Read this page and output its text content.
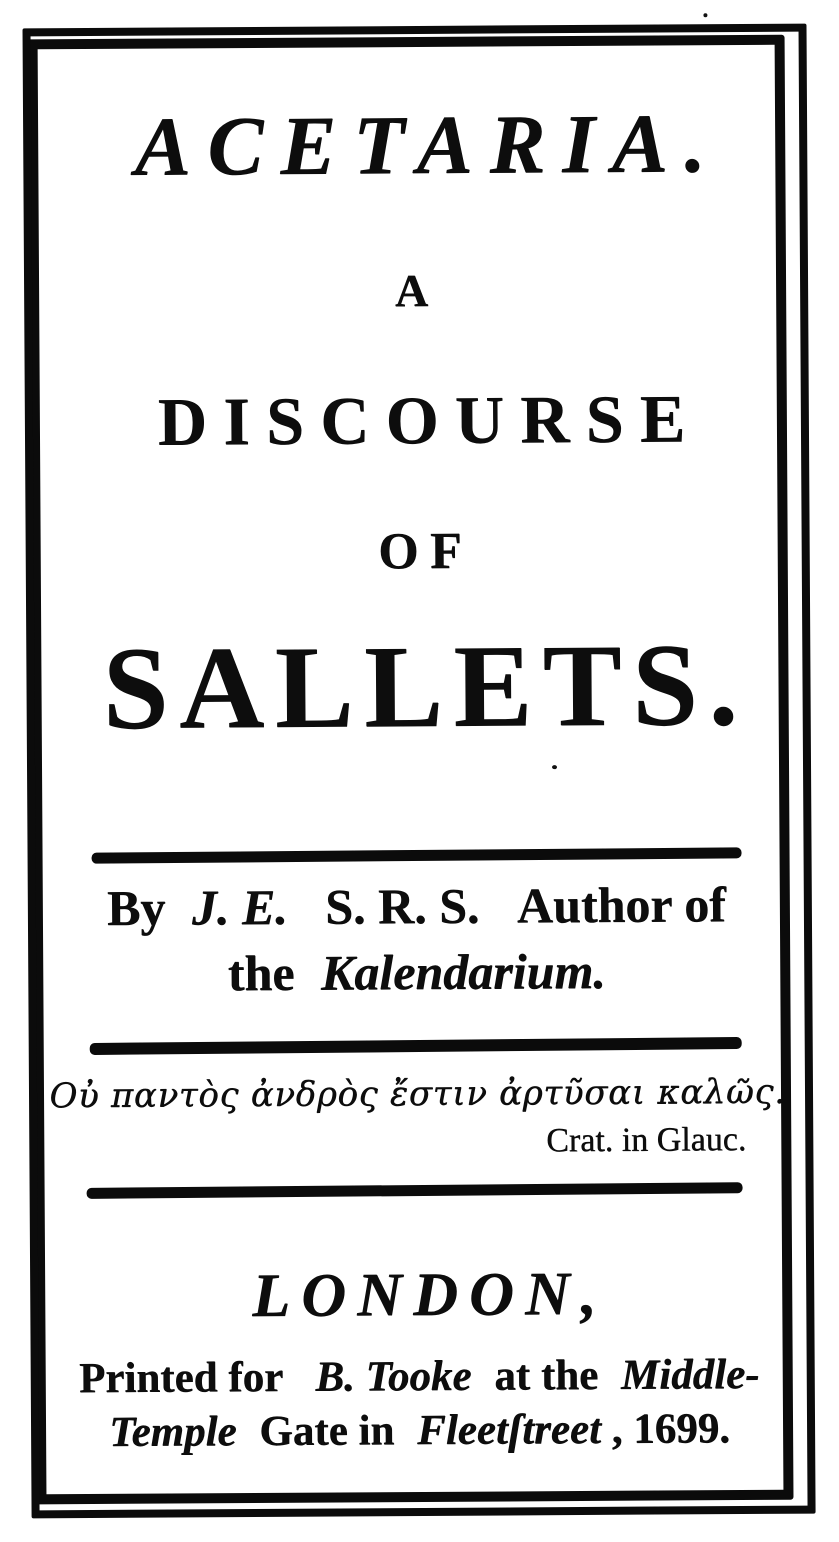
ACETARIA.
A
DISCOURSE
OF
SALLETS.
By J. E. S. R. S. Author of
the Kalendarium.
Οὐ παντὸς ἀνδρὸς ἔστιν ἀρτῦσαι καλῶς.
Crat. in Glauc.
LONDON,
Printed for B. Tooke at the Middle-
Temple Gate in Fleetſtreet , 1699.
